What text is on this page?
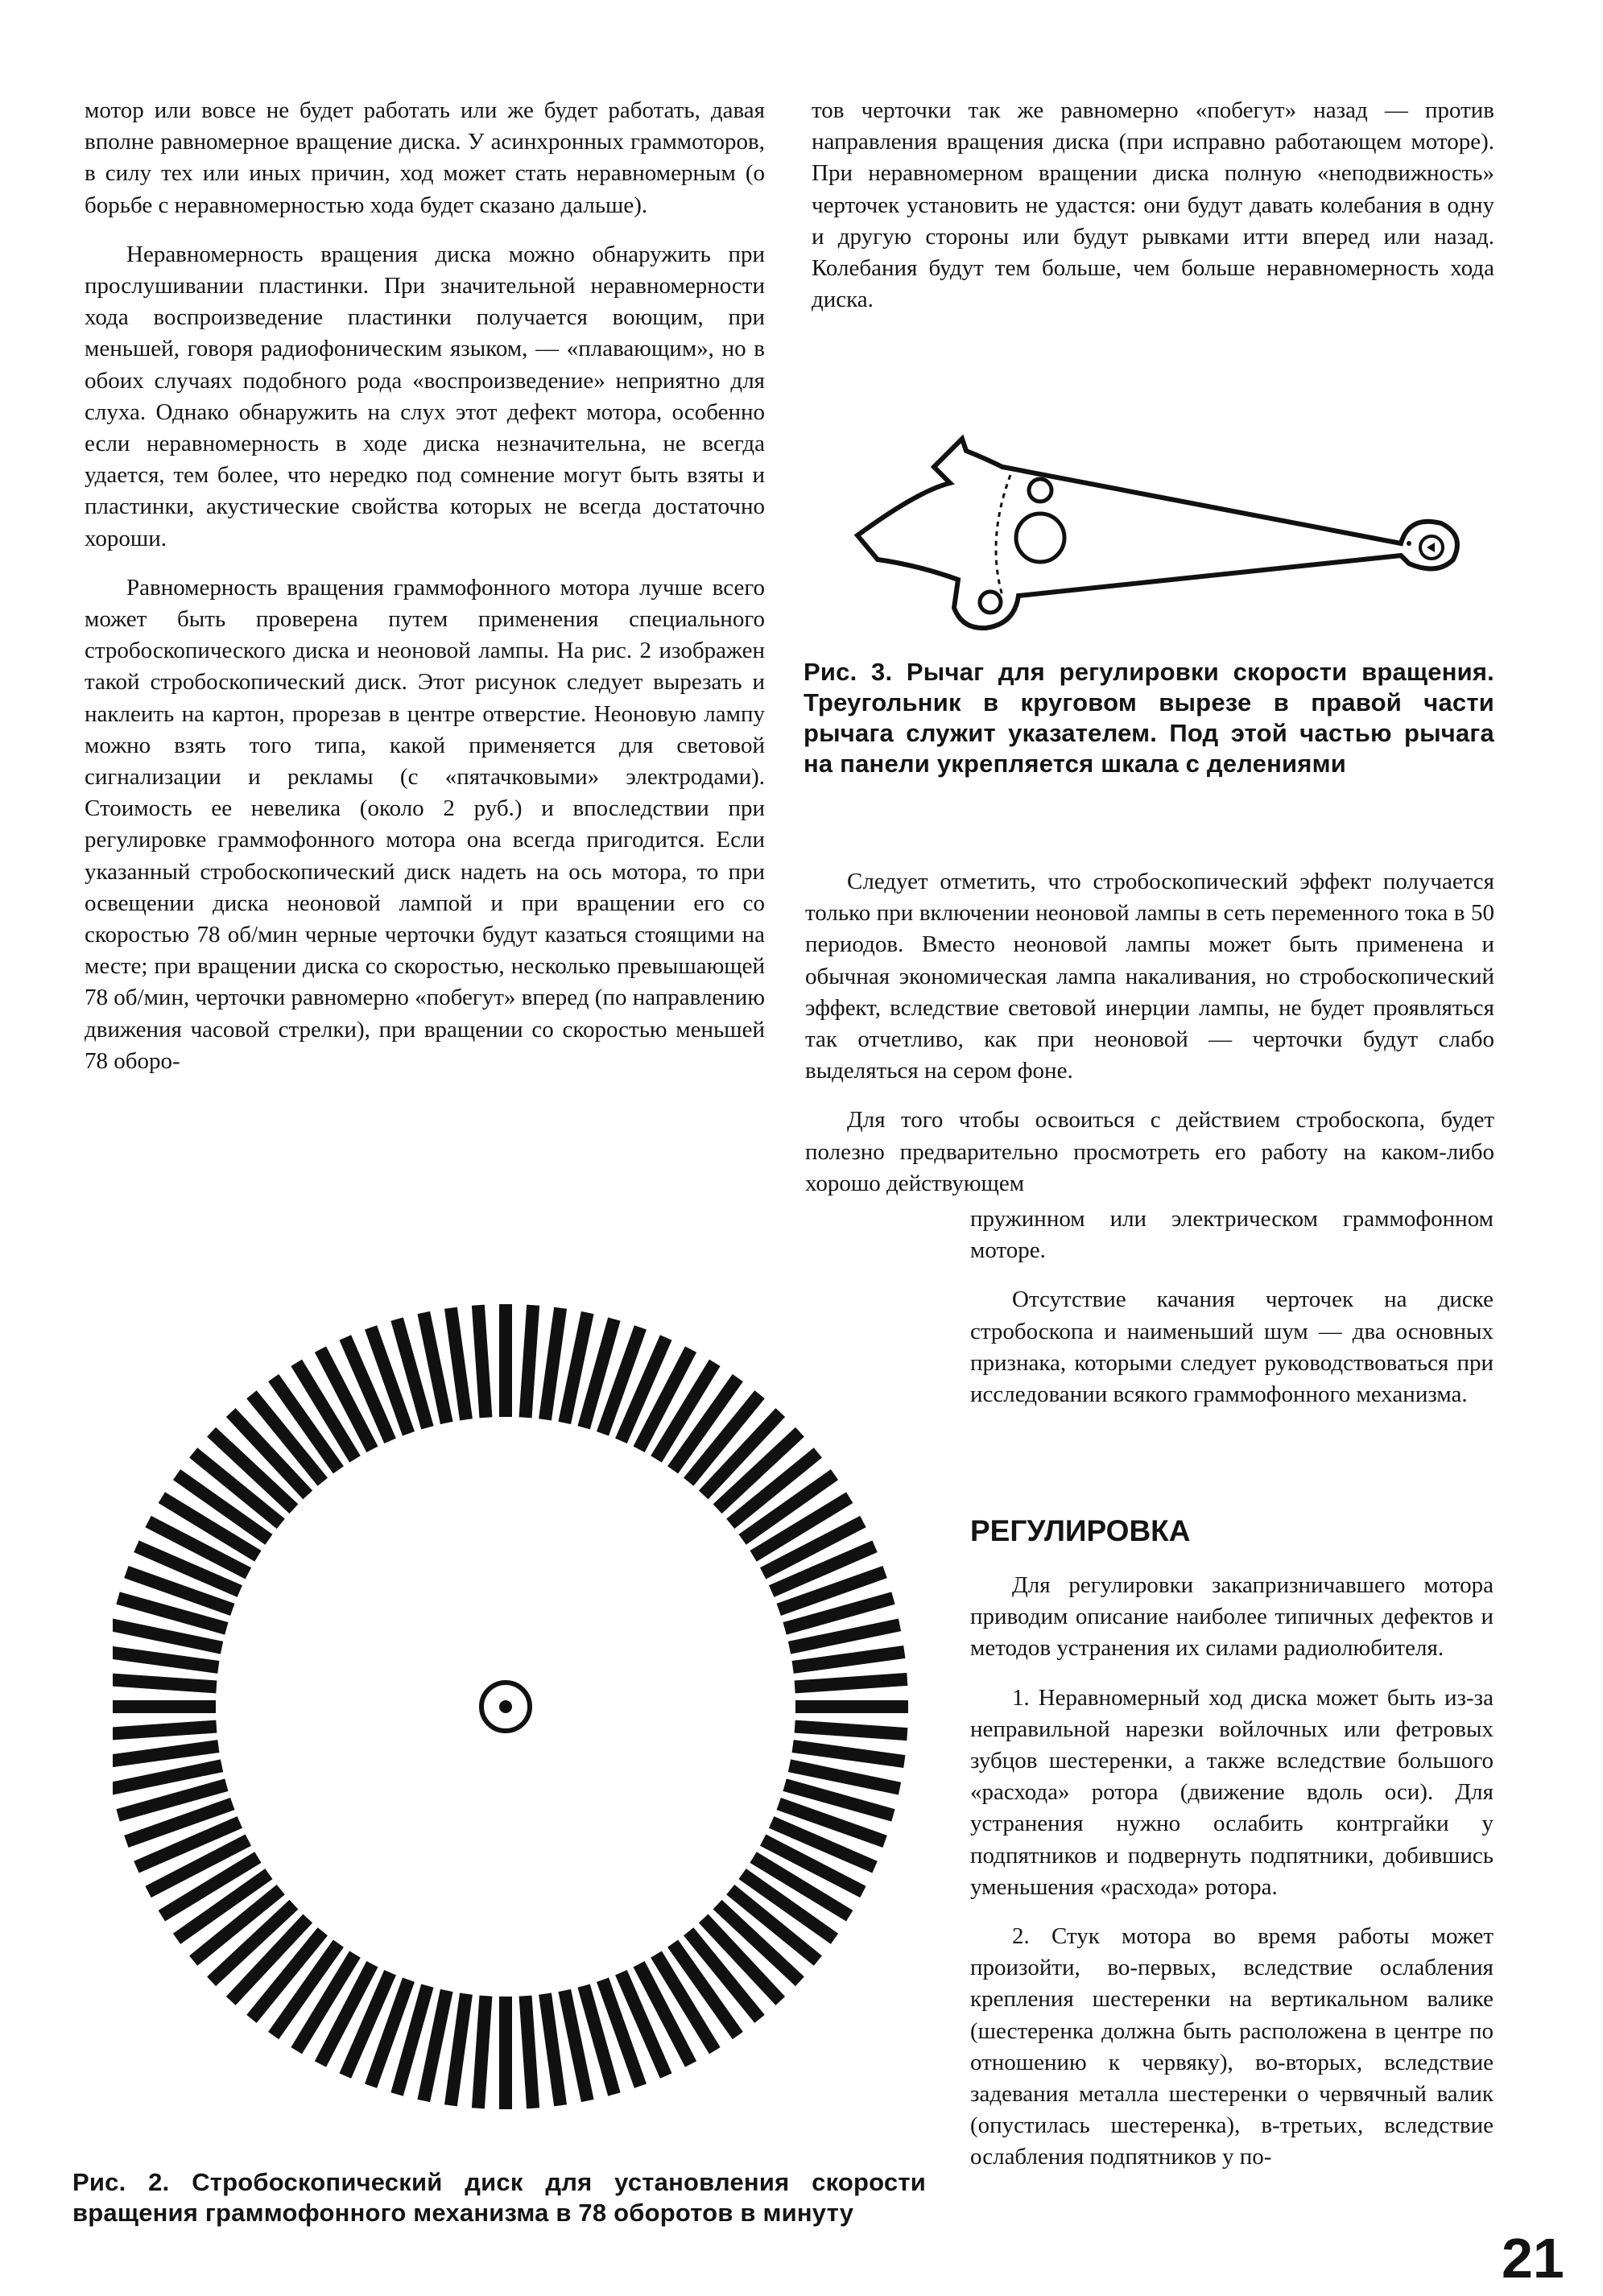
мотор или вовсе не будет работать или же будет работать, давая вполне равномерное вращение диска. У асинхронных граммоторов, в силу тех или иных причин, ход может стать неравномерным (о борьбе с неравномерностью хода будет сказано дальше).

Неравномерность вращения диска можно обнаружить при прослушивании пластинки. При значительной неравномерности хода воспроизведение пластинки получается воющим, при меньшей, говоря радиофоническим языком, — «плавающим», но в обоих случаях подобного рода «воспроизведение» неприятно для слуха. Однако обнаружить на слух этот дефект мотора, особенно если неравномерность в ходе диска незначительна, не всегда удается, тем более, что нередко под сомнение могут быть взяты и пластинки, акустические свойства которых не всегда достаточно хороши.

Равномерность вращения граммофонного мотора лучше всего может быть проверена путем применения специального стробоскопического диска и неоновой лампы. На рис. 2 изображен такой стробоскопический диск. Этот рисунок следует вырезать и наклеить на картон, прорезав в центре отверстие. Неоновую лампу можно взять того типа, какой применяется для световой сигнализации и рекламы (с «пятачковыми» электродами). Стоимость ее невелика (около 2 руб.) и впоследствии при регулировке граммофонного мотора она всегда пригодится. Если указанный стробоскопический диск надеть на ось мотора, то при освещении диска неоновой лампой и при вращении его со скоростью 78 об/мин черные черточки будут казаться стоящими на месте; при вращении диска со скоростью, несколько превышающей 78 об/мин, черточки равномерно «побегут» вперед (по направлению движения часовой стрелки), при вращении со скоростью меньшей 78 оборо-

тов черточки так же равномерно «побегут» назад — против направления вращения диска (при исправно работающем моторе). При неравномерном вращении диска полную «неподвижность» черточек установить не удастся: они будут давать колебания в одну и другую стороны или будут рывками итти вперед или назад. Колебания будут тем больше, чем больше неравномерность хода диска.

Рис. 3. Рычаг для регулировки скорости вращения. Треугольник в круговом вырезе в правой части рычага служит указателем. Под этой частью рычага на панели укрепляется шкала с делениями

Следует отметить, что стробоскопический эффект получается только при включении неоновой лампы в сеть переменного тока в 50 периодов. Вместо неоновой лампы может быть применена и обычная экономическая лампа накаливания, но стробоскопический эффект, вследствие световой инерции лампы, не будет проявляться так отчетливо, как при неоновой — черточки будут слабо выделяться на сером фоне.

Для того чтобы освоиться с действием стробоскопа, будет полезно предварительно просмотреть его работу на каком-либо хорошо действующем

пружинном или электрическом граммофонном моторе.

Отсутствие качания черточек на диске стробоскопа и наименьший шум — два основных признака, которыми следует руководствоваться при исследовании всякого граммофонного механизма.

РЕГУЛИРОВКА

Для регулировки закапризничавшего мотора приводим описание наиболее типичных дефектов и методов устранения их силами радиолюбителя.

1. Неравномерный ход диска может быть из-за неправильной нарезки войлочных или фетровых зубцов шестеренки, а также вследствие большого «расхода» ротора (движение вдоль оси). Для устранения нужно ослабить контргайки у подпятников и подвернуть подпятники, добившись уменьшения «расхода» ротора.

2. Стук мотора во время работы может произойти, во-первых, вследствие ослабления крепления шестеренки на вертикальном валике (шестеренка должна быть расположена в центре по отношению к червяку), во-вторых, вследствие задевания металла шестеренки о червячный валик (опустилась шестеренка), в-третьих, вследствие ослабления подпятников у по-

Рис. 2. Стробоскопический диск для установления скорости вращения граммофонного механизма в 78 оборотов в минуту
21
